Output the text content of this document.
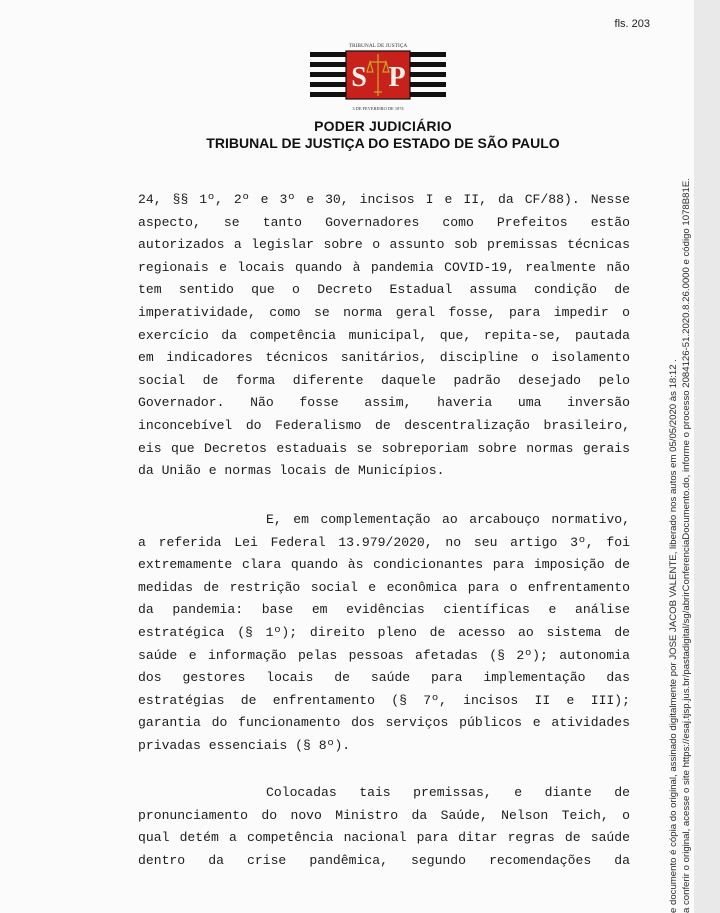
fls. 203
TRIBUNAL DE JUSTIÇA
S P
3 DE FEVEREIRO DE 1874
PODER JUDICIÁRIO
TRIBUNAL DE JUSTIÇA DO ESTADO DE SÃO PAULO
24, §§ 1º, 2º e 3º e 30, incisos I e II, da CF/88). Nesse
aspecto, se tanto Governadores como Prefeitos estão
autorizados a legislar sobre o assunto sob premissas técnicas
regionais e locais quando à pandemia COVID-19, realmente não
tem sentido que o Decreto Estadual assuma condição de
imperatividade, como se norma geral fosse, para impedir o
exercício da competência municipal, que, repita-se, pautada
em indicadores técnicos sanitários, discipline o isolamento
social de forma diferente daquele padrão desejado pelo
Governador. Não fosse assim, haveria uma inversão
inconcebível do Federalismo de descentralização brasileiro,
eis que Decretos estaduais se sobreporiam sobre normas gerais
da União e normas locais de Municípios.
E, em complementação ao arcabouço normativo,
a referida Lei Federal 13.979/2020, no seu artigo 3º, foi
extremamente clara quando às condicionantes para imposição de
medidas de restrição social e econômica para o enfrentamento
da pandemia: base em evidências científicas e análise
estratégica (§ 1º); direito pleno de acesso ao sistema de
saúde e informação pelas pessoas afetadas (§ 2º); autonomia
dos gestores locais de saúde para implementação das
estratégias de enfrentamento (§ 7º, incisos II e III);
garantia do funcionamento dos serviços públicos e atividades
privadas essenciais (§ 8º).
Colocadas tais premissas, e diante de
pronunciamento do novo Ministro da Saúde, Nelson Teich, o
qual detém a competência nacional para ditar regras de saúde
dentro da crise pandêmica, segundo recomendações da	e documento é cópia do original, assinado digitalmente por JOSE JACOB VALENTE, liberado nos autos em 05/05/2020 às 18:12 . a conferir o original, acesse o site https://esaj.tjsp.jus.br/pastadigital/sg/abrirConferenciaDocumento.do, informe o processo 2084126-51.2020.8.26.0000 e código 1078B81E.
